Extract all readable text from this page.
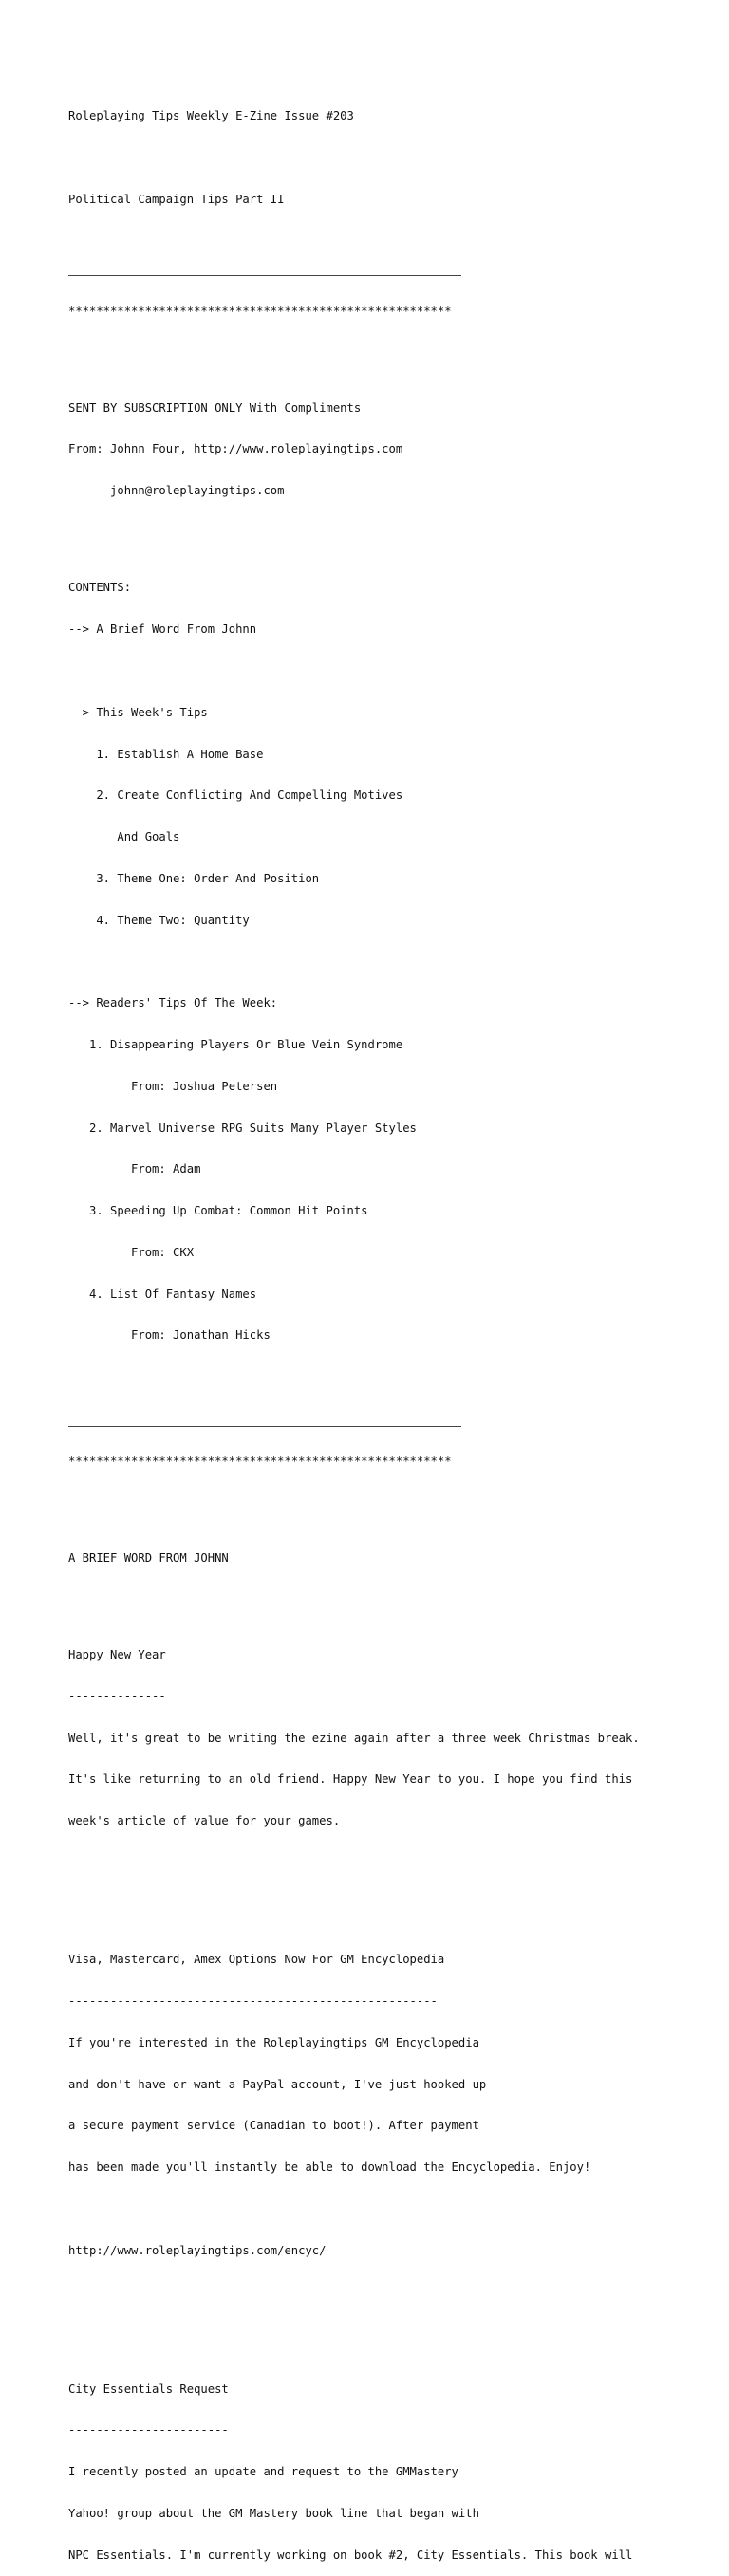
Roleplaying Tips Weekly E-Zine Issue #203

Political Campaign Tips Part II

*******************************************************

SENT BY SUBSCRIPTION ONLY With Compliments

From: Johnn Four, http://www.roleplayingtips.com

johnn@roleplayingtips.com

CONTENTS:

--> A Brief Word From Johnn

--> This Week's Tips

1. Establish A Home Base

2. Create Conflicting And Compelling Motives

And Goals

3. Theme One: Order And Position

4. Theme Two: Quantity

--> Readers' Tips Of The Week:

1. Disappearing Players Or Blue Vein Syndrome

From: Joshua Petersen

2. Marvel Universe RPG Suits Many Player Styles

From: Adam

3. Speeding Up Combat: Common Hit Points

From: CKX

4. List Of Fantasy Names

From: Jonathan Hicks

*******************************************************

A BRIEF WORD FROM JOHNN

Happy New Year

--------------

Well, it's great to be writing the ezine again after a three week Christmas break.

It's like returning to an old friend. Happy New Year to you. I hope you find this

week's article of value for your games.

Visa, Mastercard, Amex Options Now For GM Encyclopedia

-----------------------------------------------------

If you're interested in the Roleplayingtips GM Encyclopedia

and don't have or want a PayPal account, I've just hooked up

a secure payment service (Canadian to boot!). After payment

has been made you'll instantly be able to download the Encyclopedia. Enjoy!

http://www.roleplayingtips.com/encyc/

City Essentials Request

-----------------------

I recently posted an update and request to the GMMastery

Yahoo! group about the GM Mastery book line that began with

NPC Essentials. I'm currently working on book #2, City Essentials. This book will
